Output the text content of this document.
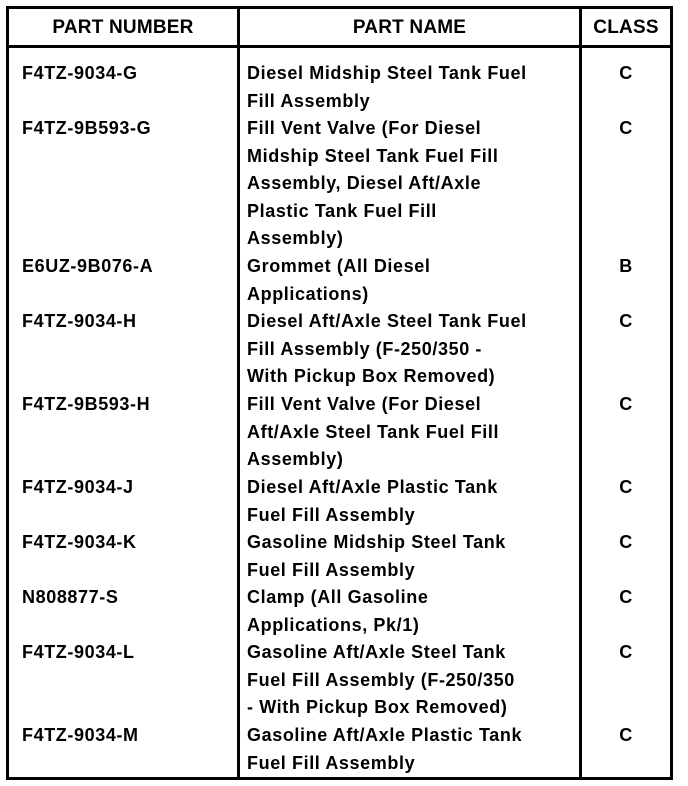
PART NUMBER	PART NAME	CLASS
F4TZ-9034-G	Diesel Midship Steel Tank Fuel
Fill Assembly
C
F4TZ-9B593-G	Fill Vent Valve (For Diesel
Midship Steel Tank Fuel Fill
Assembly, Diesel Aft/Axle
Plastic Tank Fuel Fill
Assembly)
C
E6UZ-9B076-A	Grommet (All Diesel
Applications)
B
F4TZ-9034-H	Diesel Aft/Axle Steel Tank Fuel
Fill Assembly (F-250/350 -
With Pickup Box Removed)
C
F4TZ-9B593-H	Fill Vent Valve (For Diesel
Aft/Axle Steel Tank Fuel Fill
Assembly)
C
F4TZ-9034-J	Diesel Aft/Axle Plastic Tank
Fuel Fill Assembly
C
F4TZ-9034-K	Gasoline Midship Steel Tank
Fuel Fill Assembly
C
N808877-S	Clamp (All Gasoline
Applications, Pk/1)
C
F4TZ-9034-L	Gasoline Aft/Axle Steel Tank
Fuel Fill Assembly (F-250/350
- With Pickup Box Removed)
C
F4TZ-9034-M	Gasoline Aft/Axle Plastic Tank
Fuel Fill Assembly
C
